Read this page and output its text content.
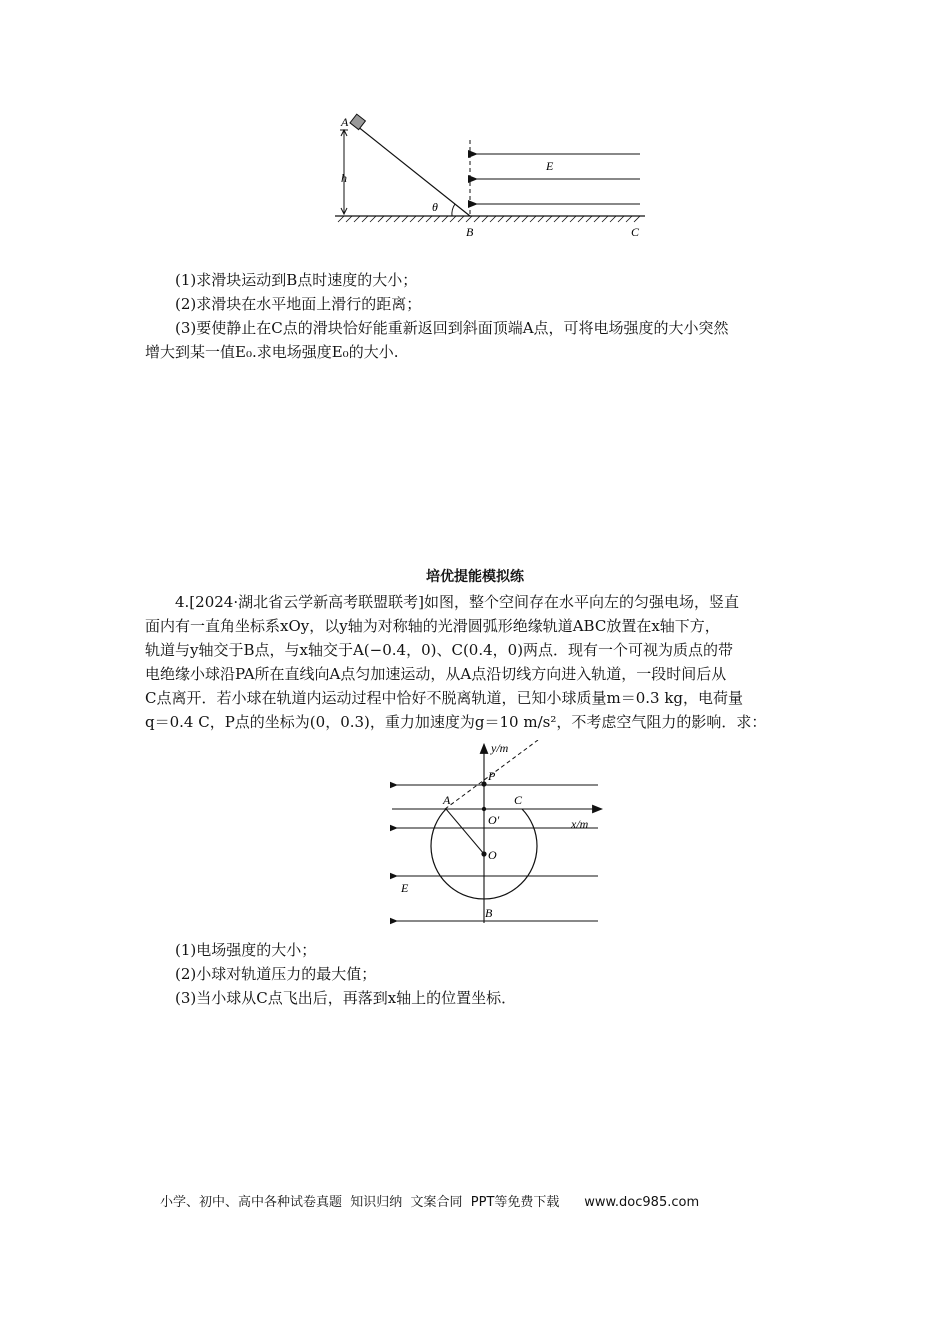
A
h
θ
E
B	C
(1)求滑块运动到B点时速度的大小；
(2)求滑块在水平地面上滑行的距离；
(3)要使静止在C点的滑块恰好能重新返回到斜面顶端A点，可将电场强度的大小突然
增大到某一值E₀.求电场强度E₀的大小.
培优提能模拟练
4.[2024·湖北省云学新高考联盟联考]如图，整个空间存在水平向左的匀强电场，竖直
面内有一直角坐标系xOy，以y轴为对称轴的光滑圆弧形绝缘轨道ABC放置在x轴下方，
轨道与y轴交于B点，与x轴交于A(−0.4，0)、C(0.4，0)两点．现有一个可视为质点的带
电绝缘小球沿PA所在直线向A点匀加速运动，从A点沿切线方向进入轨道，一段时间后从
C点离开．若小球在轨道内运动过程中恰好不脱离轨道，已知小球质量m＝0.3 kg，电荷量
q＝0.4 C，P点的坐标为(0，0.3)，重力加速度为g＝10 m/s²，不考虑空气阻力的影响．求：
x/m
y/m
P
A	C
O′
O
E
B
(1)电场强度的大小；
(2)小球对轨道压力的最大值；
(3)当小球从C点飞出后，再落到x轴上的位置坐标．
小学、初中、高中各种试卷真题  知识归纳  文案合同  PPT等免费下载      www.doc985.com
